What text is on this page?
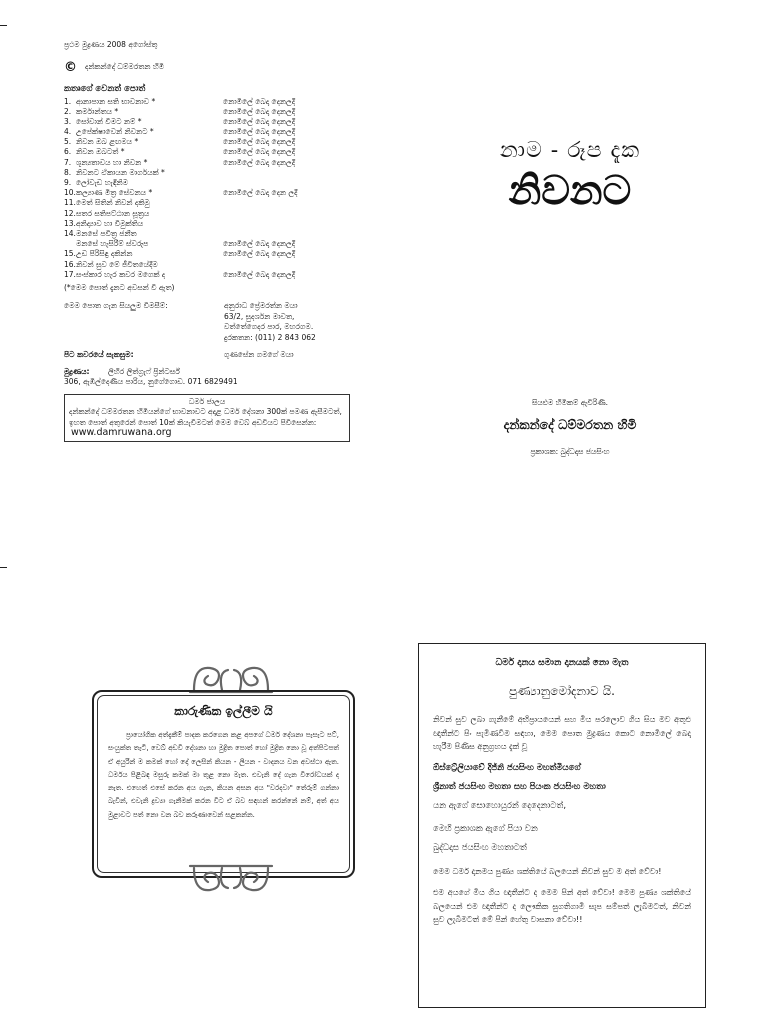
ප්‍රථම මුද්‍රණය 2008 අගෝස්තු
© දන්කන්දේ ධම්මරතන හිමි
කතෘගේ වෙනත් පොත්
1. ආනාපාන සති භාවනාව *	නොමිලේ බෙදා දෙනලදී
2. කර්මාන්තය *	නොමිලේ බෙදා දෙනලදී
3. සෝවාන් වීමට නම් *	නොමිලේ බෙදා දෙනලදී
4. උපේක්ෂාවෙන් නිවනට *	නොමිලේ බෙදා දෙනලදී
5. නිවන ඔබ ළඟමය *	නොමිලේ බෙදා දෙනලදී
6. නිවන ඔබටත් *	නොමිලේ බෙදා දෙනලදී
7. ශූන්‍යතාවය හා නිවන *	නොමිලේ බෙදා දෙනලදී
8. නිවනට ඒකායන මාර්ගයක් *
9. ලෝවැඩ හැඳිනිම
10. කල්‍යාණ මිත්‍ර සේවනය *	නොමිලේ බෙදා දෙන ලදී
11. මෙත් සිතින් නිවන් දකිමු
12. සතර සතිපට්ඨාන සූත්‍රය
13. අනිද්‍යාව හා විමුක්තිය
14. මනසේ පවිත්‍ර ජනීත
මනසේ හැසිරීම් ස්වරූප	නොමිලේ බෙදා දෙනලදී
15. උඩ පිරිසිඳු දකින්න	නොමිලේ බෙදා දෙනලදී
16. නිවන් සුව මේ ජීවිතයේදීම
17. සංස්කාර හැර කවර මගෙක් ද	නොමිලේ බෙදා දෙනලදී
(*මෙම පොත් දැනට අවසන් වී ඇත)
මෙම පොත ගැන සියලුම විමසීම්:	අනුරාධ ප්‍රේමරත්න මයා
63/2, සුදර්ශන මාවත,
වත්තේගෙදර පාර, මහරගම.
දුරකතන: (011) 2 843 062
පිට කවරයේ සැකසුම:	ගුණසේන ගමගේ මයා
මුද්‍රණය:	ලිහිර ලිත්ග්‍රැෆ් ප්‍රින්ටර්ස්
306, ඇඹිල්දෙණිය පාරිය, නුගේගොඩ. 071 6829491
ධර්ම ජාලය
දන්කන්දේ ධම්මරතන හිමියන්ගේ භාවනාවට අදාළ ධර්ම දේශනා 300ක් පමණ ඇසීමටත්, ඉහත පොත් අතුරෙන් පොත් 10ක් කියැවීමටත් මෙම වෙබ් අඩවියට පිවිසෙන්න: www.damruwana.org
නාම - රූප දැක
නිවනට
සියළුම හිමිකම් ඇවිරිණි.
දන්කන්දේ ධම්මරතන හිමි
ප්‍රකාශක: බුද්ධදාස ජයසිංහ
කාරුණික ඉල්ලීම යි
ප්‍රායෝගික අත්දැකීම් පාදක කරගෙන කළ අපගේ ධර්ම දේශනා පැසැට පට්, සංයුක්ත තැටි, වෙබ් අඩවි දේශනා හා මුද්‍රිත පොත් හෝ මුද්‍රිත නො වූ අත්පිටපත් ඒ අයුරින් ම කමක් හෝ දෝ ලෙසින් කියන - ලියන - වාදනය වන අවස්ථා ඇත. ධර්මය පිළිබඳ මසුරු කමක් මා තුළ නො මැත. එවැනි දේ ගැන විරෝධයක් ද නැත. එහෙත් එසේ කරන අය ගැන, කියන අසන අය "වරදවා" තේරුම් ගන්නා බැවින්, එවැනි ද්‍රව්‍යා ගැනීමක් කරන විට ඒ බව සඳහන් කරන්නේ නම්, අත් අය මුළාවට පත් නො වන බව කරුණාවෙන් සළකන්න.
ධර්ම දානය සමාන දානයක් නො මැත
පුණ්‍යානුමෝදනාව යි.
නිවන් සුව ලබා ගැනීමේ අභිප්‍රායයෙන් සහ මිය පරලොව ගිය සිය මව අතුළු ඥාතීන්ට පිං පැමිණවීම සඳහා, මෙම පොත මුද්‍රණය කොට නොමිලේ බෙදා හැරීම පිණිස අනුග්‍රහය දැක් වූ
ඕස්ට්‍රේලියාවේ දිජ්නි ජයසිංහ මහත්මියගේ
ශ්‍රීනාත් ජයසිංහ මහතා සහ පියංක ජයසිංහ මහතා
යන ඇගේ සොහොයුරන් දෙදෙනාටත්,
මෙහි ප්‍රකාශක ඇගේ පියා වන
බුද්ධදාස ජයසිංහ මහතාටත්
මෙම ධර්ම දානමය පුණ්‍ය ශක්තියේ බලයෙන් නිවන් සුව ම අත් වේවා!
එම අයගේ මිය ගිය ඥාතීන්ට ද මෙම පින් අත් වේවා! මෙම පුණ්‍ය ශක්තියේ බලයෙන් එම ඥාතීන්ට ද ලෞකික සුගතිගාමී සැප සම්පත් ලැබීමටත්, නිවන් සුව ලැබීමටත් මේ පින් හේතු වාසනා වේවා!!
